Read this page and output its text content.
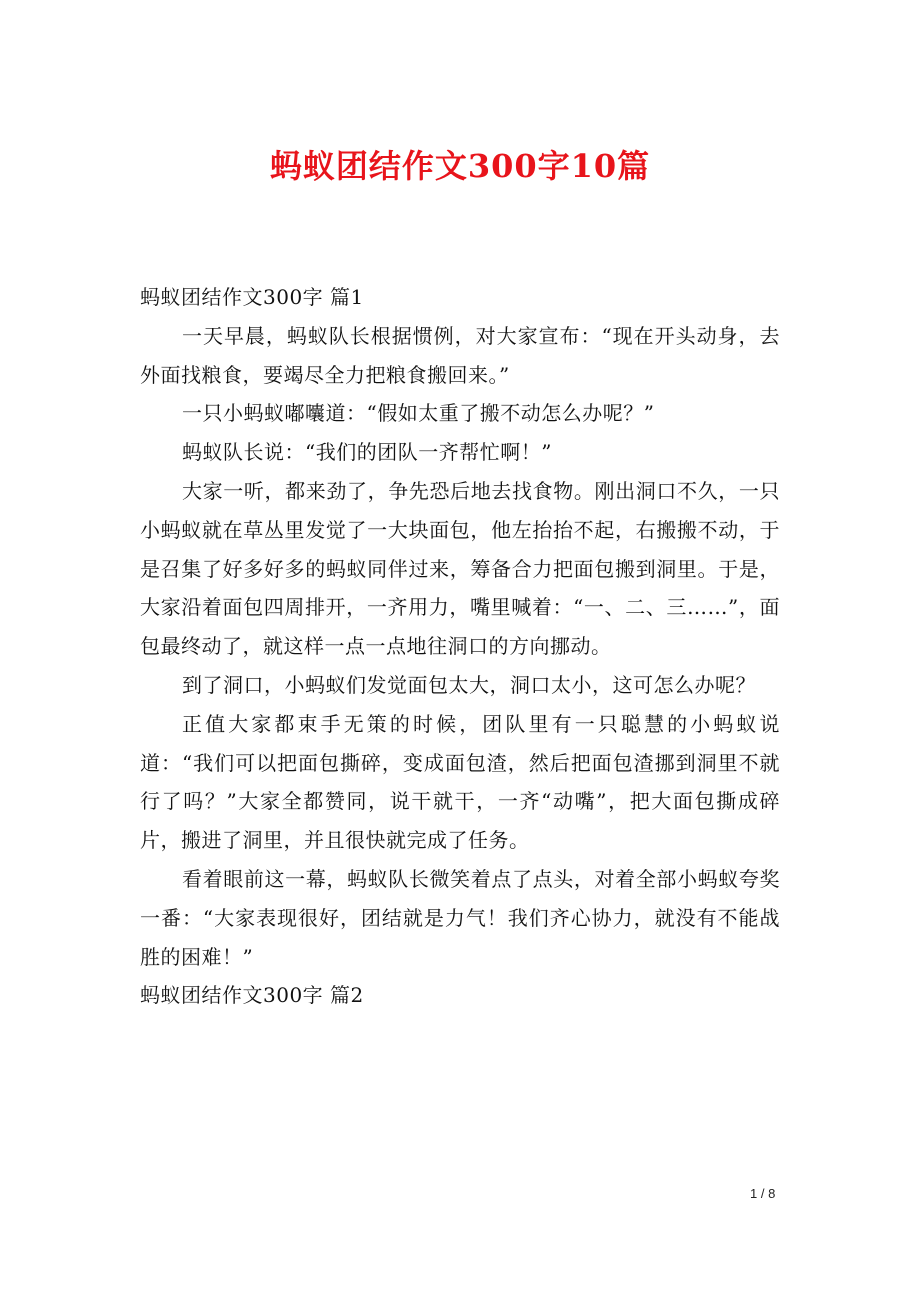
蚂蚁团结作文300字10篇

蚂蚁团结作文300字 篇1

一天早晨，蚂蚁队长根据惯例，对大家宣布：“现在开头动身，去外面找粮食，要竭尽全力把粮食搬回来。”

一只小蚂蚁嘟囔道：“假如太重了搬不动怎么办呢？”

蚂蚁队长说：“我们的团队一齐帮忙啊！”

大家一听，都来劲了，争先恐后地去找食物。刚出洞口不久，一只小蚂蚁就在草丛里发觉了一大块面包，他左抬抬不起，右搬搬不动，于是召集了好多好多的蚂蚁同伴过来，筹备合力把面包搬到洞里。于是，大家沿着面包四周排开，一齐用力，嘴里喊着：“一、二、三……”，面包最终动了，就这样一点一点地往洞口的方向挪动。

到了洞口，小蚂蚁们发觉面包太大，洞口太小，这可怎么办呢？

正值大家都束手无策的时候，团队里有一只聪慧的小蚂蚁说道：“我们可以把面包撕碎，变成面包渣，然后把面包渣挪到洞里不就行了吗？”大家全都赞同，说干就干，一齐“动嘴”，把大面包撕成碎片，搬进了洞里，并且很快就完成了任务。

看着眼前这一幕，蚂蚁队长微笑着点了点头，对着全部小蚂蚁夸奖一番：“大家表现很好，团结就是力气！我们齐心协力，就没有不能战胜的困难！”

蚂蚁团结作文300字 篇2

1 / 8
